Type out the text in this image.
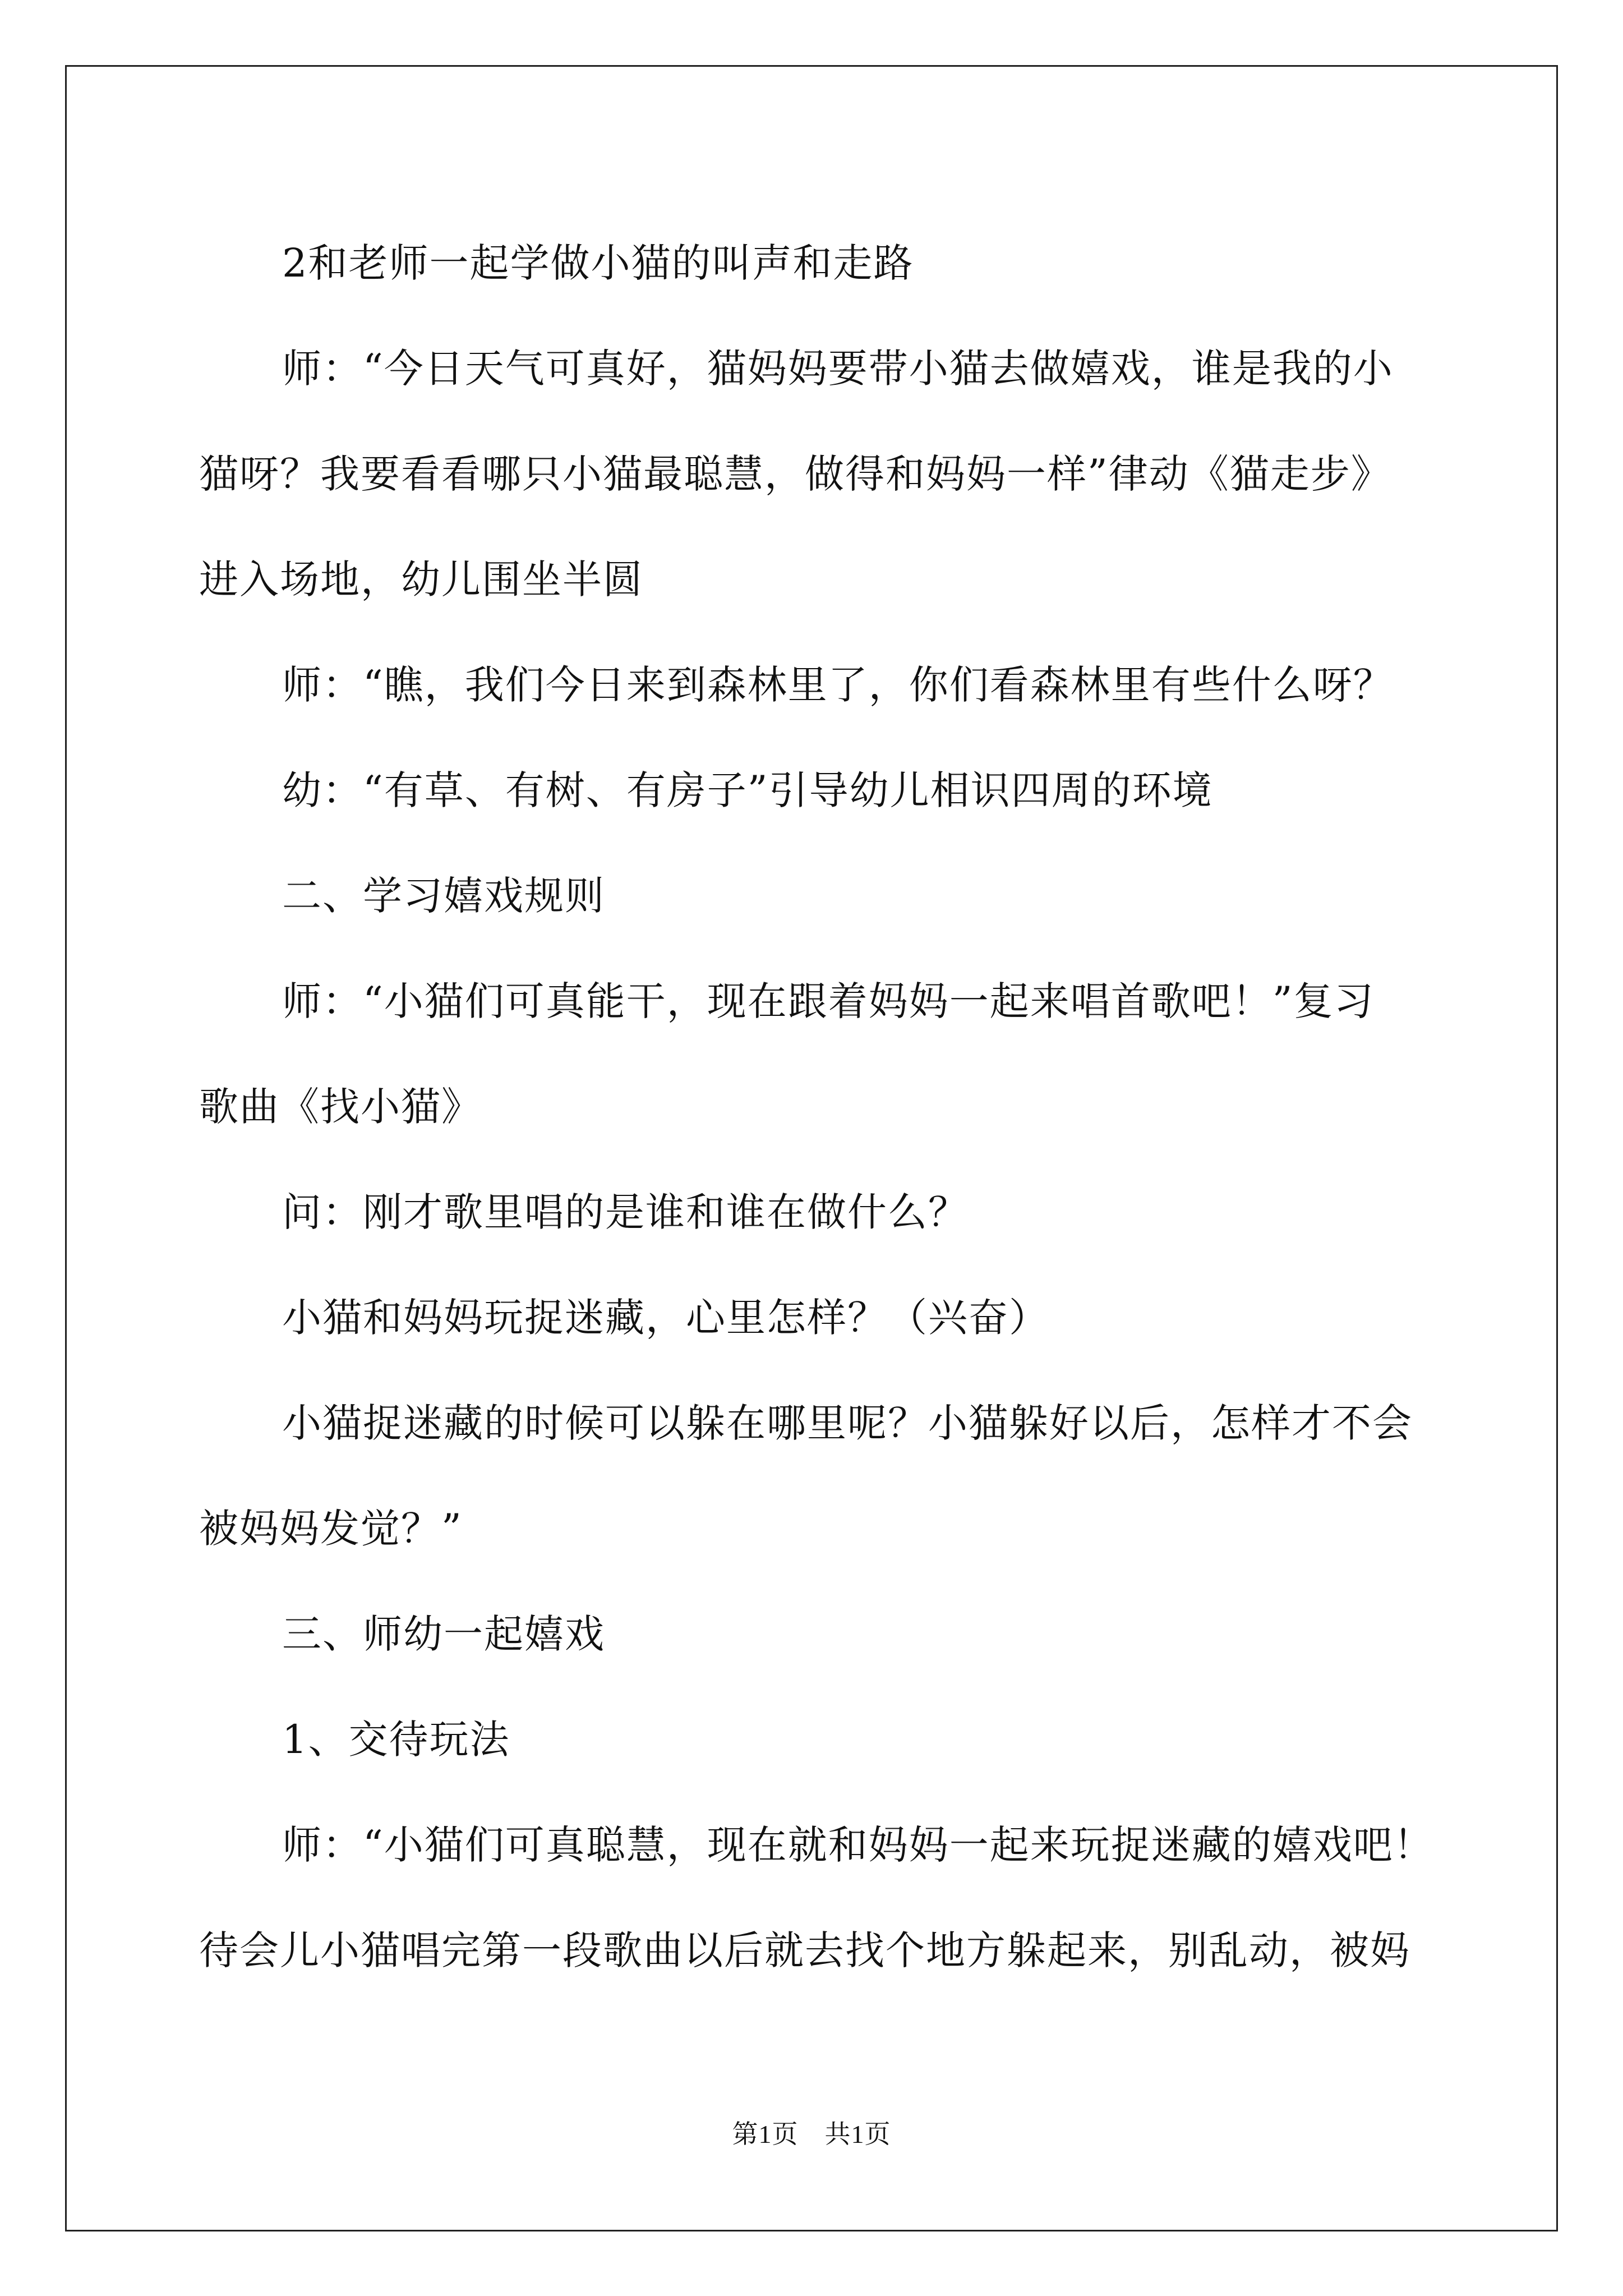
2和老师一起学做小猫的叫声和走路

师：“今日天气可真好，猫妈妈要带小猫去做嬉戏，谁是我的小

猫呀？我要看看哪只小猫最聪慧，做得和妈妈一样”律动《猫走步》

进入场地，幼儿围坐半圆

师：“瞧，我们今日来到森林里了，你们看森林里有些什么呀？

幼：“有草、有树、有房子”引导幼儿相识四周的环境

二、学习嬉戏规则

师：“小猫们可真能干，现在跟着妈妈一起来唱首歌吧！”复习

歌曲《找小猫》

问：刚才歌里唱的是谁和谁在做什么？

小猫和妈妈玩捉迷藏，心里怎样？（兴奋）

小猫捉迷藏的时候可以躲在哪里呢？小猫躲好以后，怎样才不会

被妈妈发觉？”

三、师幼一起嬉戏

1、交待玩法

师：“小猫们可真聪慧，现在就和妈妈一起来玩捉迷藏的嬉戏吧！

待会儿小猫唱完第一段歌曲以后就去找个地方躲起来，别乱动，被妈

第1页　共1页
